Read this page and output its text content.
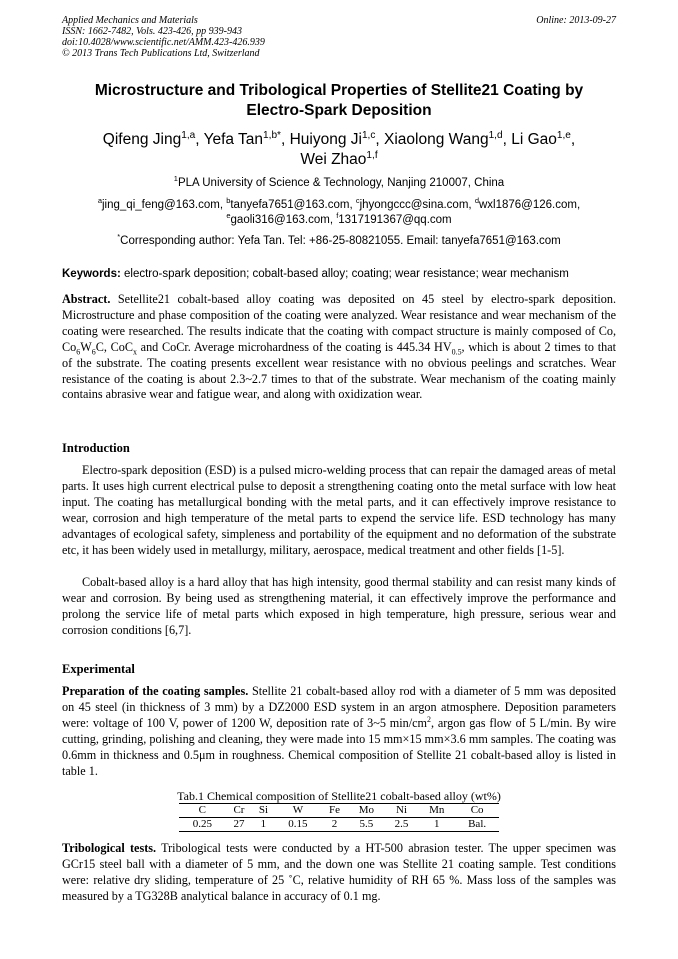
Applied Mechanics and Materials
ISSN: 1662-7482, Vols. 423-426, pp 939-943
doi:10.4028/www.scientific.net/AMM.423-426.939
© 2013 Trans Tech Publications Ltd, Switzerland
Online: 2013-09-27
Microstructure and Tribological Properties of Stellite21 Coating by
Electro-Spark Deposition
Qifeng Jing$^{1,a}$, Yefa Tan$^{1,b*}$, Huiyong Ji$^{1,c}$, Xiaolong Wang$^{1,d}$, Li Gao$^{1,e}$,
Wei Zhao$^{1,f}$
$^1$PLA University of Science & Technology, Nanjing 210007, China
$^a$jing_qi_feng@163.com, $^b$tanyefa7651@163.com, $^c$jhyongccc@sina.com, $^d$wxl1876@126.com,
$^e$gaoli316@163.com, $^f$1317191367@qq.com
*Corresponding author: Yefa Tan. Tel: +86-25-80821055. Email: tanyefa7651@163.com
Keywords: electro-spark deposition; cobalt-based alloy; coating; wear resistance; wear mechanism
Abstract. Setellite21 cobalt-based alloy coating was deposited on 45 steel by electro-spark deposition. Microstructure and phase composition of the coating were analyzed. Wear resistance and wear mechanism of the coating were researched. The results indicate that the coating with compact structure is mainly composed of Co, $Co_6W_6C$, CoC$_x$ and CoCr. Average microhardness of the coating is 445.34 $HV_{0.5}$, which is about 2 times to that of the substrate. The coating presents excellent wear resistance with no obvious peelings and scratches. Wear resistance of the coating is about 2.3~2.7 times to that of the substrate. Wear mechanism of the coating mainly contains abrasive wear and fatigue wear, and along with oxidization wear.
Introduction
Electro-spark deposition (ESD) is a pulsed micro-welding process that can repair the damaged areas of metal parts. It uses high current electrical pulse to deposit a strengthening coating onto the metal surface with low heat input. The coating has metallurgical bonding with the metal parts, and it can effectively improve resistance to wear, corrosion and high temperature of the metal parts to expend the service life. ESD technology has many advantages of ecological safety, simpleness and portability of the equipment and no deformation of the substrate etc, it has been widely used in metallurgy, military, aerospace, medical treatment and other fields [1-5].
Cobalt-based alloy is a hard alloy that has high intensity, good thermal stability and can resist many kinds of wear and corrosion. By being used as strengthening material, it can effectively improve the performance and prolong the service life of metal parts which exposed in high temperature, high pressure, serious wear and corrosion conditions [6,7].
Experimental
Preparation of the coating samples. Stellite 21 cobalt-based alloy rod with a diameter of 5 mm was deposited on 45 steel (in thickness of 3 mm) by a DZ2000 ESD system in an argon atmosphere. Deposition parameters were: voltage of 100 V, power of 1200 W, deposition rate of 3~5 $\min/cm^2$, argon gas flow of 5 L/min. By wire cutting, grinding, polishing and cleaning, they were made into 15 mm×15 mm×3.6 mm samples. The coating was 0.6mm in thickness and 0.5μm in roughness. Chemical composition of Stellite 21 cobalt-based alloy is listed in table 1.
Tab.1 Chemical composition of Stellite21 cobalt-based alloy (wt%)
C	Cr	Si	W	Fe	Mo	Ni	Mn	Co
0.25	27	1	0.15	2	5.5	2.5	1	Bal.
Tribological tests. Tribological tests were conducted by a HT-500 abrasion tester. The upper specimen was GCr15 steel ball with a diameter of 5 mm, and the down one was Stellite 21 coating sample. Test conditions were: relative dry sliding, temperature of 25 ˚C, relative humidity of RH 65 %. Mass loss of the samples was measured by a TG328B analytical balance in accuracy of 0.1 mg.
